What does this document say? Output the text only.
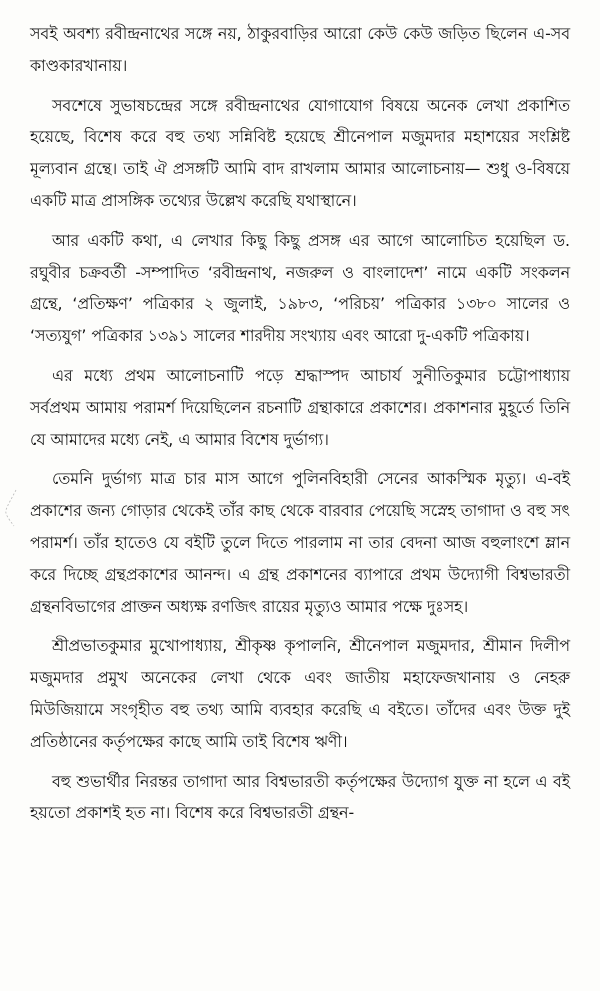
সবই অবশ্য রবীন্দ্রনাথের সঙ্গে নয়, ঠাকুরবাড়ির আরো কেউ কেউ জড়িত ছিলেন এ-সব কাণ্ডকারখানায়।

সবশেষে সুভাষচন্দ্রের সঙ্গে রবীন্দ্রনাথের যোগাযোগ বিষয়ে অনেক লেখা প্রকাশিত হয়েছে, বিশেষ করে বহু তথ্য সন্নিবিষ্ট হয়েছে শ্রীনেপাল মজুমদার মহাশয়ের সংশ্লিষ্ট মূল্যবান গ্রন্থে। তাই ঐ প্রসঙ্গটি আমি বাদ রাখলাম আমার আলোচনায়— শুধু ও-বিষয়ে একটি মাত্র প্রাসঙ্গিক তথ্যের উল্লেখ করেছি যথাস্থানে।

আর একটি কথা, এ লেখার কিছু কিছু প্রসঙ্গ এর আগে আলোচিত হয়েছিল ড. রঘুবীর চক্রবর্তী -সম্পাদিত ‘রবীন্দ্রনাথ, নজরুল ও বাংলাদেশ’ নামে একটি সংকলন গ্রন্থে, ‘প্রতিক্ষণ’ পত্রিকার ২ জুলাই, ১৯৮৩, ‘পরিচয়’ পত্রিকার ১৩৮০ সালের ও ‘সত্যযুগ’ পত্রিকার ১৩৯১ সালের শারদীয় সংখ্যায় এবং আরো দু-একটি পত্রিকায়।

এর মধ্যে প্রথম আলোচনাটি পড়ে শ্রদ্ধাস্পদ আচার্য সুনীতিকুমার চট্টোপাধ্যায় সর্বপ্রথম আমায় পরামর্শ দিয়েছিলেন রচনাটি গ্রন্থাকারে প্রকাশের। প্রকাশনার মুহূর্তে তিনি যে আমাদের মধ্যে নেই, এ আমার বিশেষ দুর্ভাগ্য।

তেমনি দুর্ভাগ্য মাত্র চার মাস আগে পুলিনবিহারী সেনের আকস্মিক মৃত্যু। এ-বই প্রকাশের জন্য গোড়ার থেকেই তাঁর কাছ থেকে বারবার পেয়েছি সস্নেহ তাগাদা ও বহু সৎ পরামর্শ। তাঁর হাতেও যে বইটি তুলে দিতে পারলাম না তার বেদনা আজ বহুলাংশে ম্লান করে দিচ্ছে গ্রন্থপ্রকাশের আনন্দ। এ গ্রন্থ প্রকাশনের ব্যাপারে প্রথম উদ্যোগী বিশ্বভারতী গ্রন্থনবিভাগের প্রাক্তন অধ্যক্ষ রণজিৎ রায়ের মৃত্যুও আমার পক্ষে দুঃসহ।

শ্রীপ্রভাতকুমার মুখোপাধ্যায়, শ্রীকৃষ্ণ কৃপালনি, শ্রীনেপাল মজুমদার, শ্রীমান দিলীপ মজুমদার প্রমুখ অনেকের লেখা থেকে এবং জাতীয় মহাফেজখানায় ও নেহরু মিউজিয়ামে সংগৃহীত বহু তথ্য আমি ব্যবহার করেছি এ বইতে। তাঁদের এবং উক্ত দুই প্রতিষ্ঠানের কর্তৃপক্ষের কাছে আমি তাই বিশেষ ঋণী।

বহু শুভার্থীর নিরন্তর তাগাদা আর বিশ্বভারতী কর্তৃপক্ষের উদ্যোগ যুক্ত না হলে এ বই হয়তো প্রকাশই হত না। বিশেষ করে বিশ্বভারতী গ্রন্থন-
